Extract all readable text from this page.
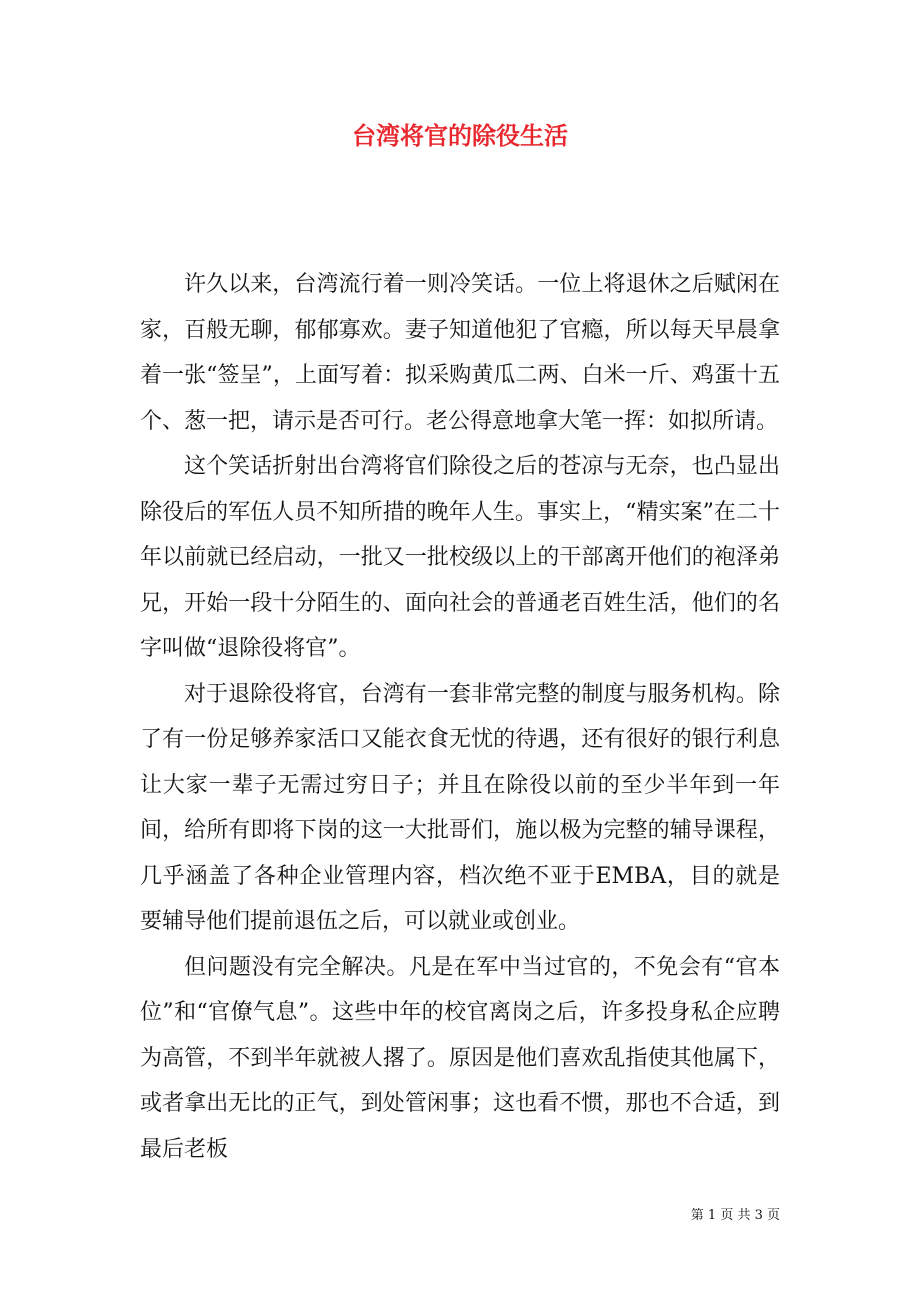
台湾将官的除役生活

许久以来，台湾流行着一则冷笑话。一位上将退休之后赋闲在家，百般无聊，郁郁寡欢。妻子知道他犯了官瘾，所以每天早晨拿着一张“签呈”，上面写着：拟采购黄瓜二两、白米一斤、鸡蛋十五个、葱一把，请示是否可行。老公得意地拿大笔一挥：如拟所请。

这个笑话折射出台湾将官们除役之后的苍凉与无奈，也凸显出除役后的军伍人员不知所措的晚年人生。事实上，“精实案”在二十年以前就已经启动，一批又一批校级以上的干部离开他们的袍泽弟兄，开始一段十分陌生的、面向社会的普通老百姓生活，他们的名字叫做“退除役将官”。

对于退除役将官，台湾有一套非常完整的制度与服务机构。除了有一份足够养家活口又能衣食无忧的待遇，还有很好的银行利息让大家一辈子无需过穷日子；并且在除役以前的至少半年到一年间，给所有即将下岗的这一大批哥们，施以极为完整的辅导课程，几乎涵盖了各种企业管理内容，档次绝不亚于EMBA，目的就是要辅导他们提前退伍之后，可以就业或创业。

但问题没有完全解决。凡是在军中当过官的，不免会有“官本位”和“官僚气息”。这些中年的校官离岗之后，许多投身私企应聘为高管，不到半年就被人撂了。原因是他们喜欢乱指使其他属下，或者拿出无比的正气，到处管闲事；这也看不惯，那也不合适，到最后老板

第 1 页 共 3 页
